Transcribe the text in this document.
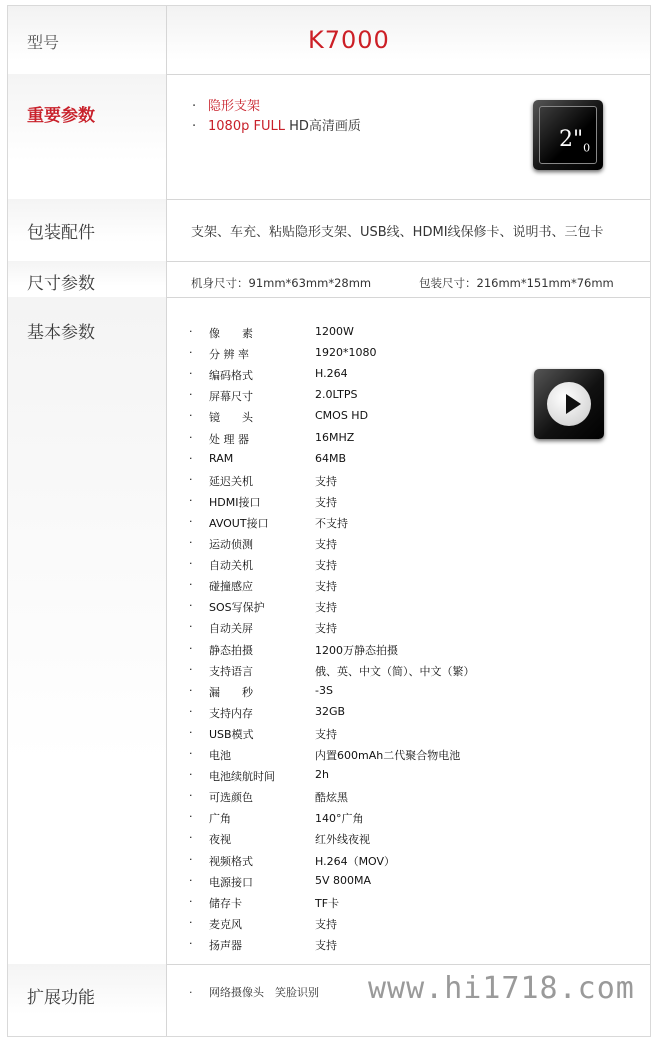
型号	K7000
重要参数	· 隐形支架
· 1080p FULL HD高清画质
$2"_0$
包装配件	支架、车充、粘贴隐形支架、USB线、HDMI线保修卡、说明书、三包卡
尺寸参数	机身尺寸：91mm*63mm*28mm	包装尺寸：216mm*151mm*76mm
基本参数	· 像　　素	1200W
· 分 辨 率	1920*1080
· 编码格式	H.264
· 屏幕尺寸	2.0LTPS
· 镜　　头	CMOS HD
· 处 理 器	16MHZ
· RAM	64MB
· 延迟关机	支持
· HDMI接口	支持
· AVOUT接口	不支持
· 运动侦测	支持
· 自动关机	支持
· 碰撞感应	支持
· SOS写保护	支持
· 自动关屏	支持
· 静态拍摄	1200万静态拍摄
· 支持语言	俄、英、中文（简）、中文（繁）
· 漏　　秒	-3S
· 支持内存	32GB
· USB模式	支持
· 电池	内置600mAh二代聚合物电池
· 电池续航时间	2h
· 可选颜色	酷炫黑
· 广角	140°广角
· 夜视	红外线夜视
· 视频格式	H.264（MOV）
· 电源接口	5V 800MA
· 储存卡	TF卡
· 麦克风	支持
· 扬声器	支持
扩展功能	· 网络摄像头　笑脸识别 www.hi1718.com
